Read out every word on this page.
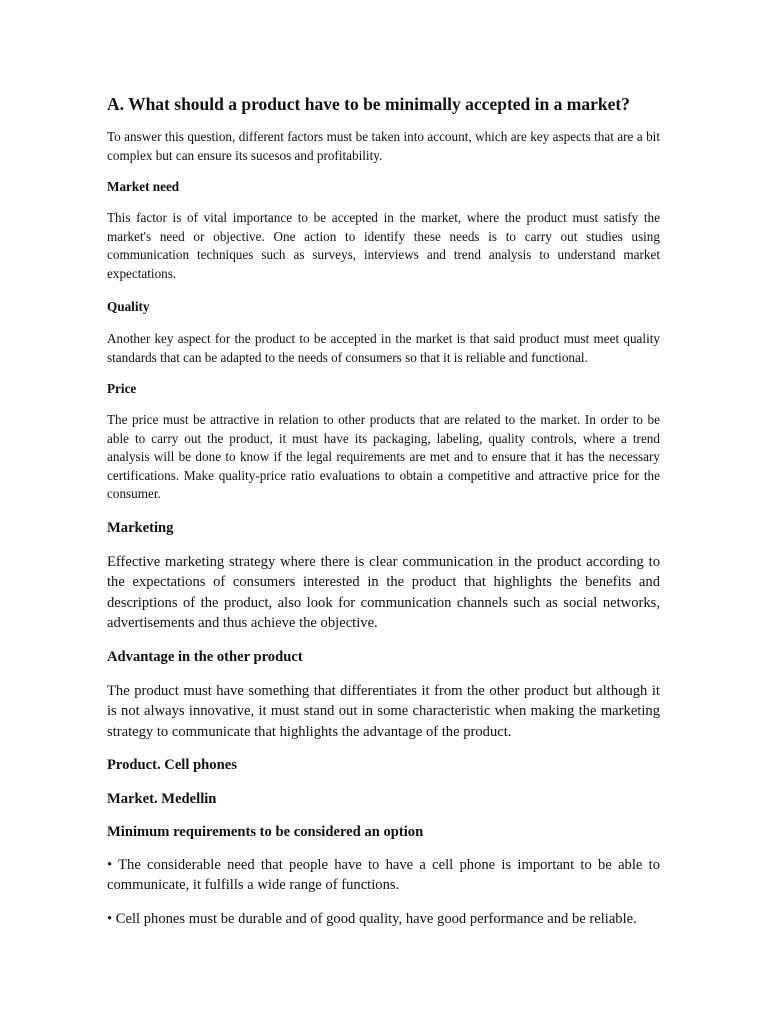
A. What should a product have to be minimally accepted in a market?

To answer this question, different factors must be taken into account, which are key aspects that are a bit complex but can ensure its sucesos and profitability.

Market need

This factor is of vital importance to be accepted in the market, where the product must satisfy the market's need or objective. One action to identify these needs is to carry out studies using communication techniques such as surveys, interviews and trend analysis to understand market expectations.

Quality

Another key aspect for the product to be accepted in the market is that said product must meet quality standards that can be adapted to the needs of consumers so that it is reliable and functional.

Price

The price must be attractive in relation to other products that are related to the market. In order to be able to carry out the product, it must have its packaging, labeling, quality controls, where a trend analysis will be done to know if the legal requirements are met and to ensure that it has the necessary certifications. Make quality-price ratio evaluations to obtain a competitive and attractive price for the consumer.

Marketing

Effective marketing strategy where there is clear communication in the product according to the expectations of consumers interested in the product that highlights the benefits and descriptions of the product, also look for communication channels such as social networks, advertisements and thus achieve the objective.

Advantage in the other product

The product must have something that differentiates it from the other product but although it is not always innovative, it must stand out in some characteristic when making the marketing strategy to communicate that highlights the advantage of the product.

Product. Cell phones

Market. Medellin

Minimum requirements to be considered an option

• The considerable need that people have to have a cell phone is important to be able to communicate, it fulfills a wide range of functions.

• Cell phones must be durable and of good quality, have good performance and be reliable.
